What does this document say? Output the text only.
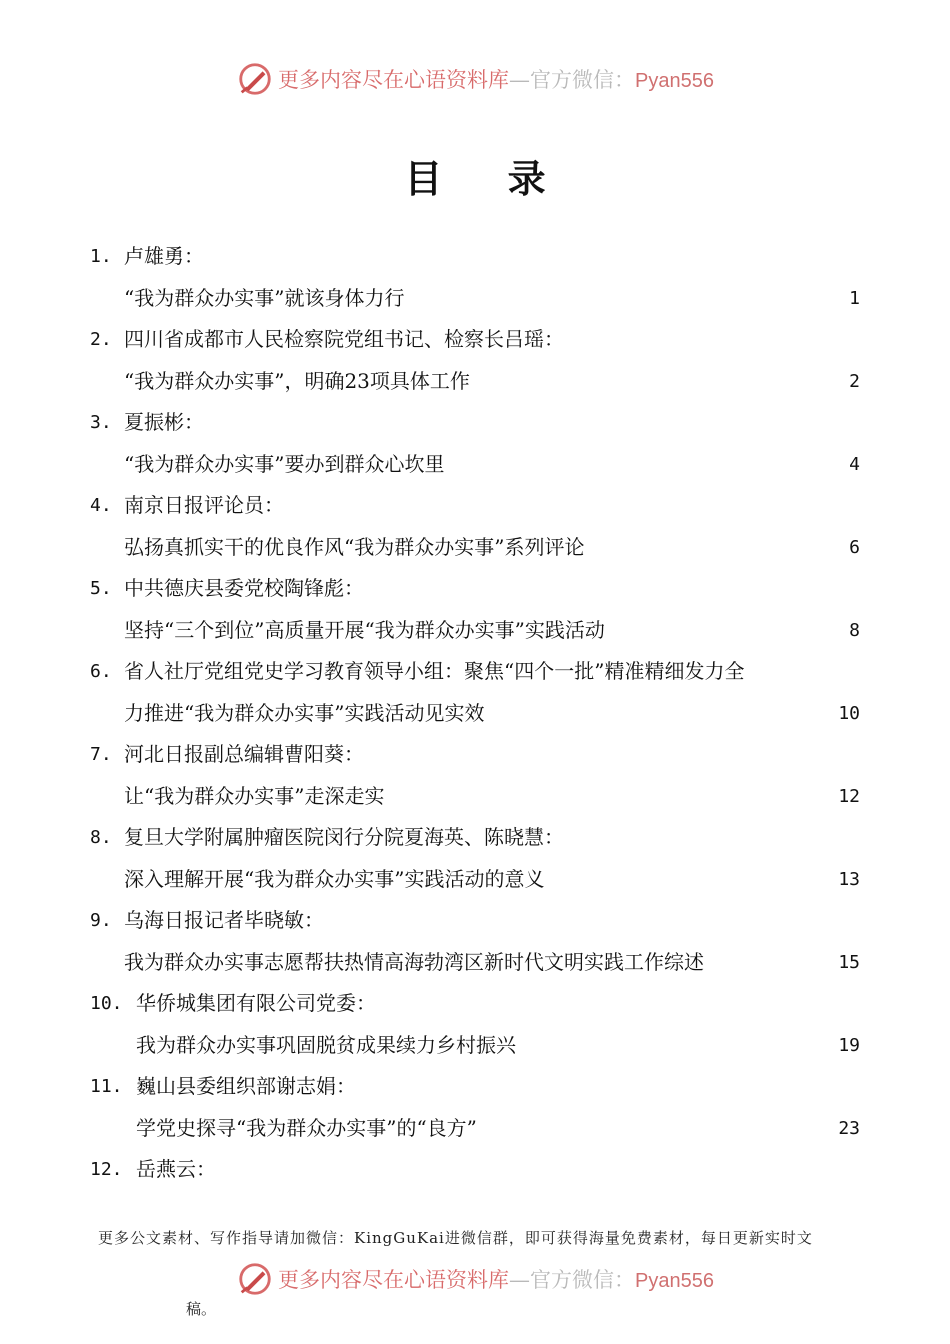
更多内容尽在心语资料库—官方微信：Pyan556
目 录
1. 卢雄勇：
“我为群众办实事”就该身体力行	1
2. 四川省成都市人民检察院党组书记、检察长吕瑶：
“我为群众办实事”，明确23项具体工作	2
3. 夏振彬：
“我为群众办实事”要办到群众心坎里	4
4. 南京日报评论员：
弘扬真抓实干的优良作风“我为群众办实事”系列评论	6
5. 中共德庆县委党校陶锋彪：
坚持“三个到位”高质量开展“我为群众办实事”实践活动	8
6. 省人社厅党组党史学习教育领导小组：聚焦“四个一批”精准精细发力全
力推进“我为群众办实事”实践活动见实效	10
7. 河北日报副总编辑曹阳葵：
让“我为群众办实事”走深走实	12
8. 复旦大学附属肿瘤医院闵行分院夏海英、陈晓慧：
深入理解开展“我为群众办实事”实践活动的意义	13
9. 乌海日报记者毕晓敏：
我为群众办实事志愿帮扶热情高海勃湾区新时代文明实践工作综述	15
10. 华侨城集团有限公司党委：
我为群众办实事巩固脱贫成果续力乡村振兴	19
11. 巍山县委组织部谢志娟：
学党史探寻“我为群众办实事”的“良方”	23
12. 岳燕云：
更多公文素材、写作指导请加微信：KingGuKai进微信群，即可获得海量免费素材，每日更新实时文
更多内容尽在心语资料库—官方微信：Pyan556
稿。
